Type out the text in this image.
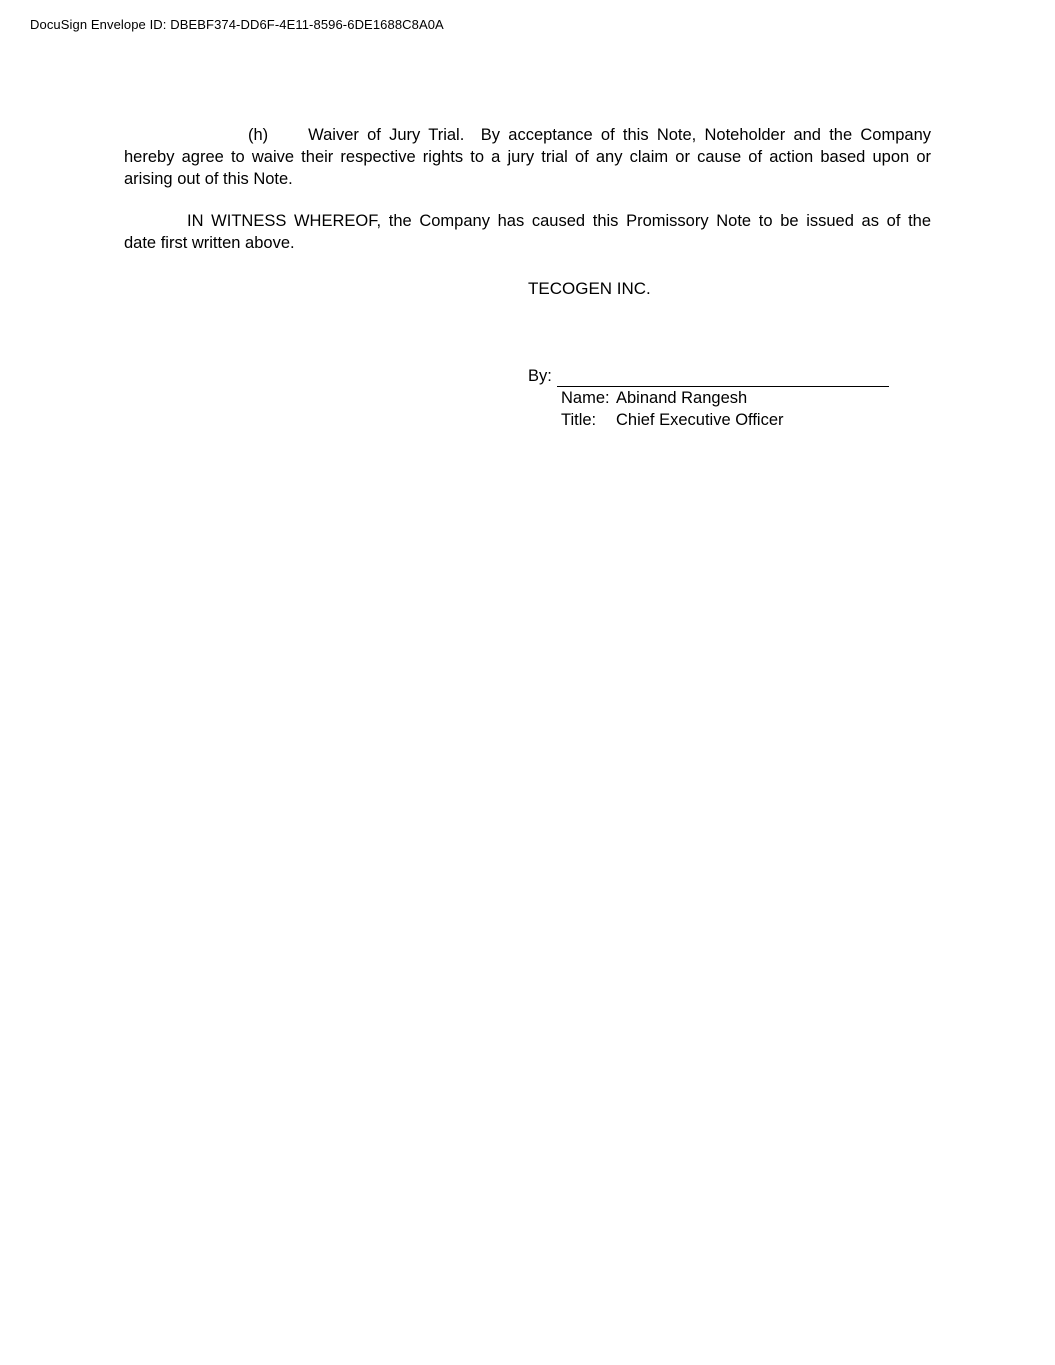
DocuSign Envelope ID: DBEBF374-DD6F-4E11-8596-6DE1688C8A0A
(h) Waiver of Jury Trial. By acceptance of this Note, Noteholder and the Company
hereby agree to waive their respective rights to a jury trial of any claim or cause of action based upon or
arising out of this Note.
IN WITNESS WHEREOF, the Company has caused this Promissory Note to be issued as of the
date first written above.
TECOGEN INC.
By:
Name: Abinand Rangesh
Title: Chief Executive Officer
